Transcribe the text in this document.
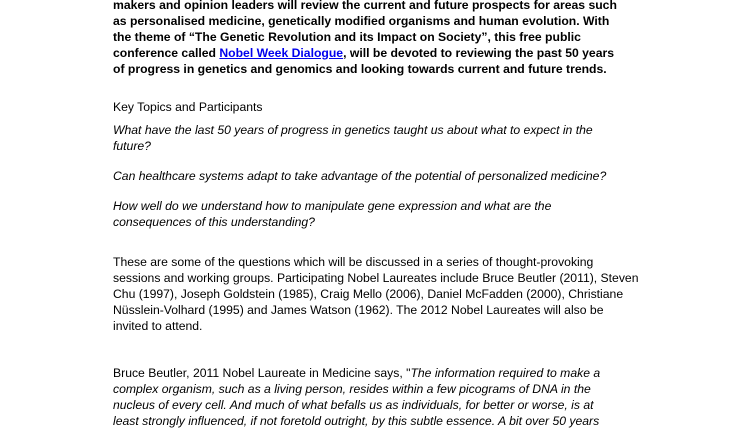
makers and opinion leaders will review the current and future prospects for areas such
as personalised medicine, genetically modified organisms and human evolution. With
the theme of “The Genetic Revolution and its Impact on Society”, this free public
conference called Nobel Week Dialogue, will be devoted to reviewing the past 50 years
of progress in genetics and genomics and looking towards current and future trends.

Key Topics and Participants

What have the last 50 years of progress in genetics taught us about what to expect in the
future?

Can healthcare systems adapt to take advantage of the potential of personalized medicine?

How well do we understand how to manipulate gene expression and what are the
consequences of this understanding?

These are some of the questions which will be discussed in a series of thought-provoking
sessions and working groups. Participating Nobel Laureates include Bruce Beutler (2011), Steven
Chu (1997), Joseph Goldstein (1985), Craig Mello (2006), Daniel McFadden (2000), Christiane
Nüsslein-Volhard (1995) and James Watson (1962). The 2012 Nobel Laureates will also be
invited to attend.

Bruce Beutler, 2011 Nobel Laureate in Medicine says, "The information required to make a
complex organism, such as a living person, resides within a few picograms of DNA in the
nucleus of every cell. And much of what befalls us as individuals, for better or worse, is at
least strongly influenced, if not foretold outright, by this subtle essence. A bit over 50 years
